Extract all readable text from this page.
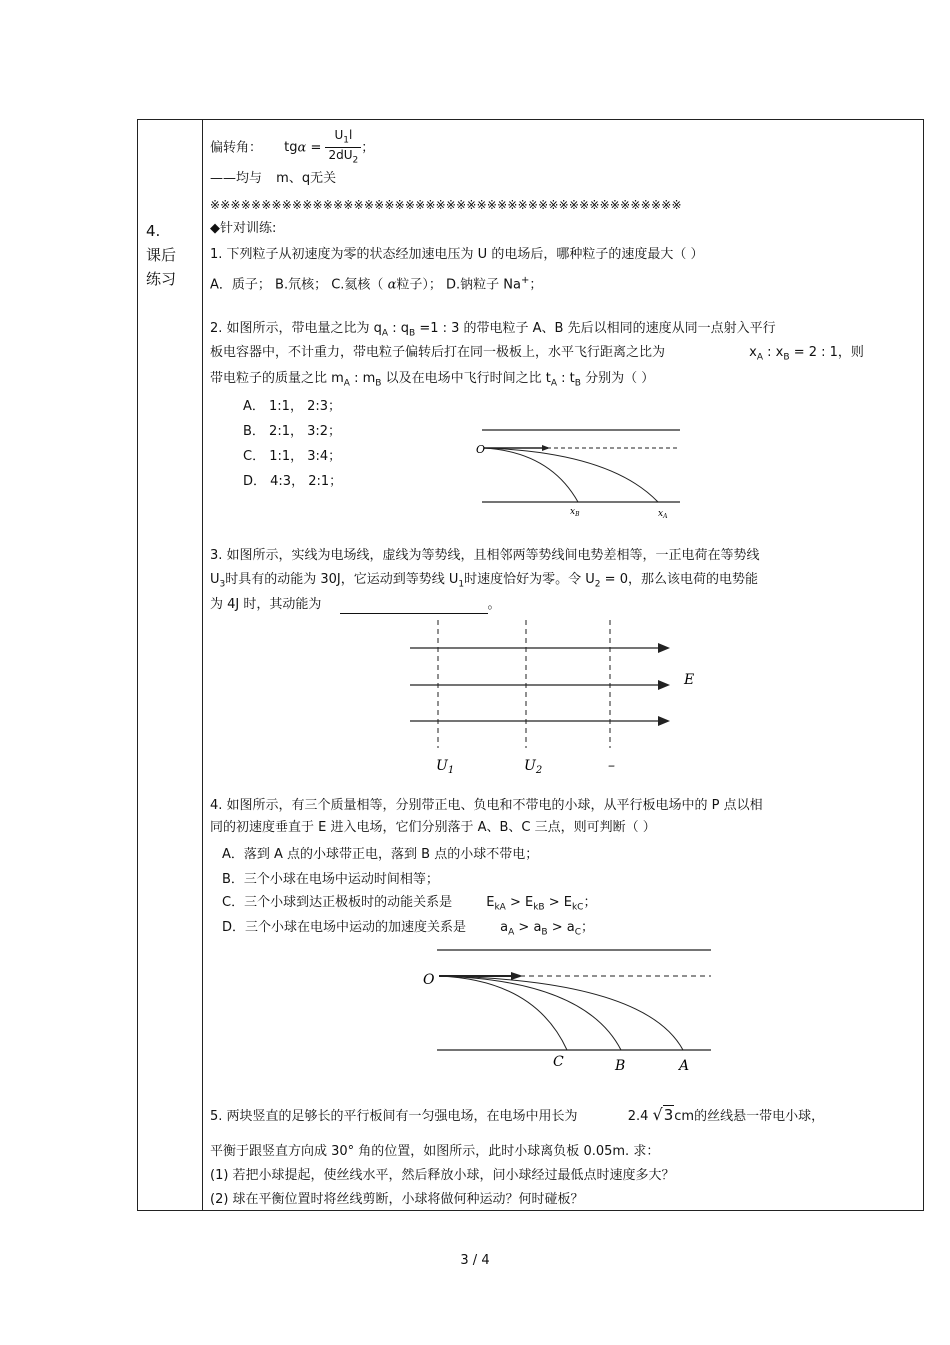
4.
课后
练习
偏转角： $tg\alpha = \frac{U_1l}{2dU_2}$ ；
——均与 m、q无关
※※※※※※※※※※※※※※※※※※※※※※※※※※※※※※※※※※※※※※※※※※※※※※
◆针对训练:
1. 下列粒子从初速度为零的状态经加速电压为 U 的电场后，哪种粒子的速度最大（ ）
A．质子； B.氘核； C.氦核（ α粒子）； D.钠粒子 Na+；
2. 如图所示，带电量之比为 $q_A$ : $q_B =1$ : 3 的带电粒子 A、B 先后以相同的速度从同一点射入平行
板电容器中，不计重力，带电粒子偏转后打在同一极板上，水平飞行距离之比为	$x_A$ : $x_B = 2$ : 1，则
带电粒子的质量之比 $m_A$ : $m_B$ 以及在电场中飞行时间之比 $t_A$ : $t_B$ 分别为（ ）
A． 1:1， 2:3；
B． 2:1， 3:2；
C． 1:1， 3:4；
D． 4:3， 2:1；
O
$x_B$	$x_A$
3. 如图所示，实线为电场线，虚线为等势线，且相邻两等势线间电势差相等，一正电荷在等势线
$U_3$时具有的动能为 30J，它运动到等势线 $U_1$时速度恰好为零。令 $U_2 = 0$，那么该电荷的电势能
为 4J 时，其动能为	。
E
$U_1$	$U_2$	–
4. 如图所示，有三个质量相等，分别带正电、负电和不带电的小球，从平行板电场中的 P 点以相
同的初速度垂直于 E 进入电场，它们分别落于 A、B、C 三点，则可判断（ ）
A．落到 A 点的小球带正电，落到 B 点的小球不带电；
B．三个小球在电场中运动时间相等；
C．三个小球到达正极板时的动能关系是	$E_{kA} > E_{kB} > E_{kC}$；
D．三个小球在电场中运动的加速度关系是	$a_A > a_B > a_C$；
O
C	B	A
5. 两块竖直的足够长的平行板间有一匀强电场，在电场中用长为	2.4 √3cm的丝线悬一带电小球，
平衡于跟竖直方向成 30° 角的位置，如图所示，此时小球离负板 0.05m. 求：
(1) 若把小球提起，使丝线水平，然后释放小球，问小球经过最低点时速度多大？
(2) 球在平衡位置时将丝线剪断，小球将做何种运动？何时碰板？
3 / 4
